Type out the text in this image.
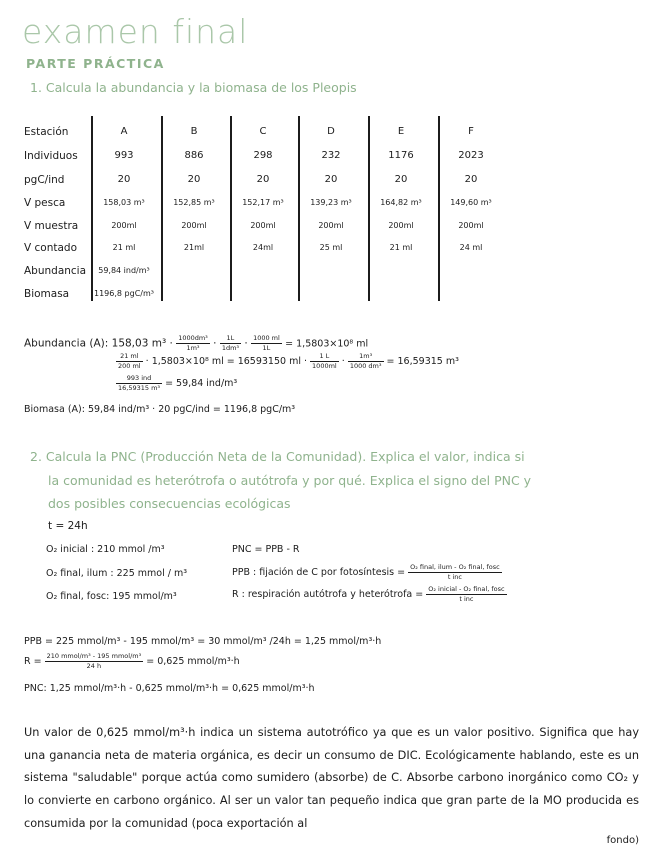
examen final
PARTE PRÁCTICA
1. Calcula la abundancia y la biomasa de los Pleopis
Estación	A	B	C	D	E	F
Individuos	993	886	298	232	1176	2023
pgC/ind	20	20	20	20	20	20
V pesca	158,03 m³	152,85 m³	152,17 m³	139,23 m³	164,82 m³	149,60 m³
V muestra	200ml	200ml	200ml	200ml	200ml	200ml
V contado	21 ml	21ml	24ml	25 ml	21 ml	24 ml
Abundancia	59,84 ind/m³
Biomasa	1196,8 pgC/m³
Abundancia (A): 158,03 $m^3 \cdot \frac{\text{1000dm³}}{\text{1m³}} \cdot \frac{1L}{\text{1dm³}} \cdot \frac{1000 ml}{1L} = 1,5803\times 10^8$ ml
$\frac{21 ml}{200 ml} \cdot 1,5803\times 10^8$ ml = 16593150 ml · $\frac{1 L}{1000ml} \cdot \frac{\text{1m³}}{\text{1000 dm³}} = 16,59315$ m³
$\frac{\text{993 ind}}{\text{16,59315 m³}} = 59,84$ ind/m³
Biomasa (A): 59,84 ind/m³ · 20 pgC/ind = 1196,8 pgC/m³
2. Calcula la PNC (Producción Neta de la Comunidad). Explica el valor, indica si
la comunidad es heterótrofa o autótrofa y por qué. Explica el signo del PNC y
dos posibles consecuencias ecológicas
t = 24h
O₂ inicial : 210 mmol /m³
O₂ final, ilum : 225 mmol / m³
O₂ final, fosc: 195 mmol/m³
PNC = PPB - R
PPB : fijación de C por fotosíntesis = $\frac{\text{O₂ final, ilum - O₂ final, fosc}}{\text{t inc}}$
R : respiración autótrofa y heterótrofa = $\frac{\text{O₂ inicial - O₂ final, fosc}}{\text{t inc}}$
PPB = 225 mmol/m³ - 195 mmol/m³ = 30 mmol/m³ /24h = 1,25 mmol/m³·h
$R = \frac{\text{210 mmol/m³ - 195 mmol/m³}}{24 h} = 0,625$ mmol/m³·h
PNC: 1,25 mmol/m³·h - 0,625 mmol/m³·h = 0,625 mmol/m³·h
Un valor de 0,625 mmol/m³·h indica un sistema autotrófico ya que es un valor positivo. Significa que hay una ganancia neta de materia orgánica, es decir un consumo de DIC. Ecológicamente hablando, este es un sistema "saludable" porque actúa como sumidero (absorbe) de C. Absorbe carbono inorgánico como CO₂ y lo convierte en carbono orgánico. Al ser un valor tan pequeño indica que gran parte de la MO producida es consumida por la comunidad (poca exportación al
fondo)
